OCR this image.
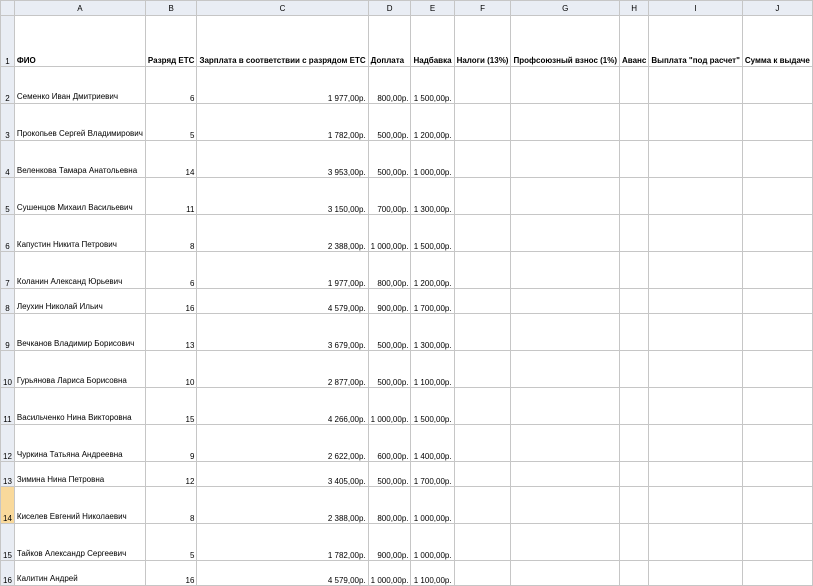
	A	B	C	D	E	F	G	H	I	J
1	ФИО	Разряд ЕТС	Зарплата в соответствии с разрядом ЕТС	Доплата	Надбавка	Налоги (13%)	Профсоюзный взнос (1%)	Аванс	Выплата "под расчет"	Сумма к выдаче
2	Семенко Иван Дмитриевич	6	1 977,00р.	800,00р.	1 500,00р.					
3	Прокопьев Сергей Владимирович	5	1 782,00р.	500,00р.	1 200,00р.					
4	Веленкова Тамара Анатольевна	14	3 953,00р.	500,00р.	1 000,00р.					
5	Сушенцов Михаил Васильевич	11	3 150,00р.	700,00р.	1 300,00р.					
6	Капустин Никита Петрович	8	2 388,00р.	1 000,00р.	1 500,00р.					
7	Коланин Александ Юрьевич	6	1 977,00р.	800,00р.	1 200,00р.					
8	Леухин Николай Ильич	16	4 579,00р.	900,00р.	1 700,00р.					
9	Вечканов Владимир Борисович	13	3 679,00р.	500,00р.	1 300,00р.					
10	Гурьянова Лариса Борисовна	10	2 877,00р.	500,00р.	1 100,00р.					
11	Васильченко Нина Викторовна	15	4 266,00р.	1 000,00р.	1 500,00р.					
12	Чуркина Татьяна Андреевна	9	2 622,00р.	600,00р.	1 400,00р.					
13	Зимина Нина Петровна	12	3 405,00р.	500,00р.	1 700,00р.					
14	Киселев Евгений Николаевич	8	2 388,00р.	800,00р.	1 000,00р.					
15	Тайков Александр Сергеевич	5	1 782,00р.	900,00р.	1 000,00р.					
16	Калитин Андрей	16	4 579,00р.	1 000,00р.	1 100,00р.					
